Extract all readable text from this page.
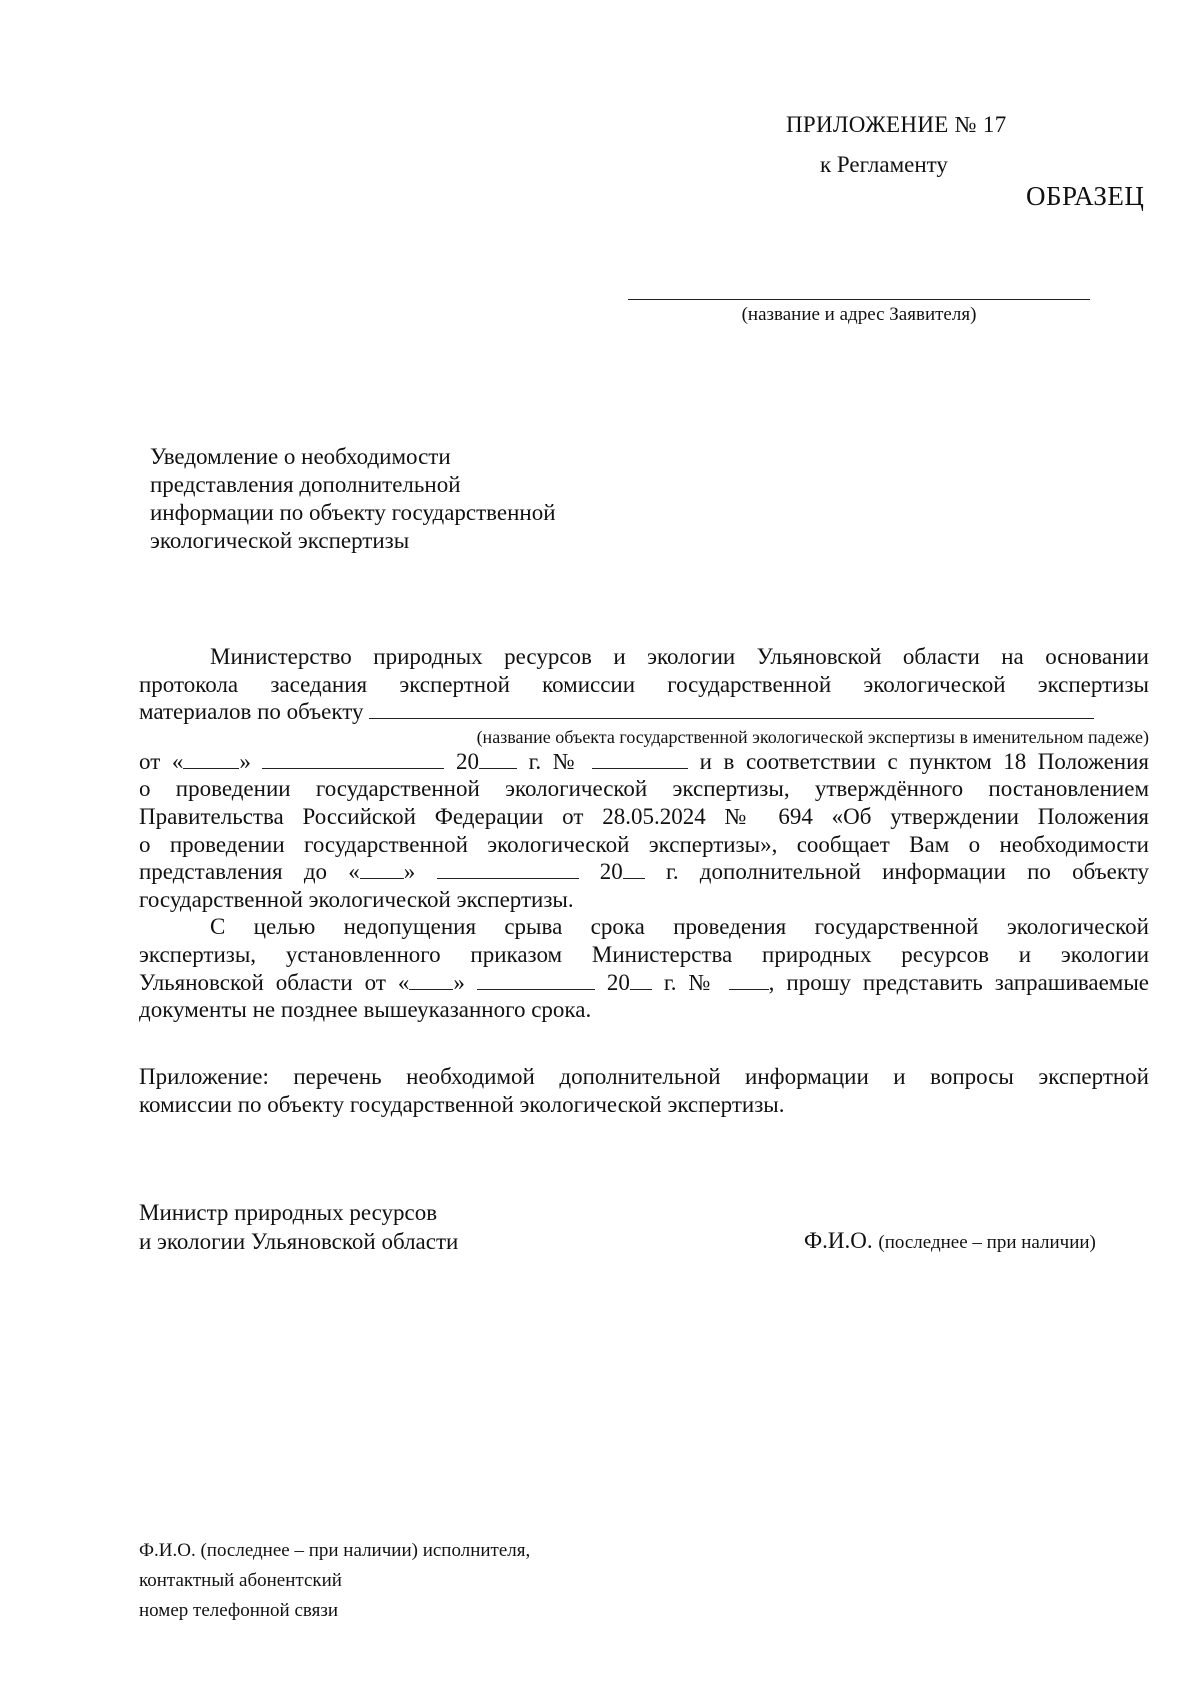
ПРИЛОЖЕНИЕ № 17
к Регламенту
ОБРАЗЕЦ
(название и адрес Заявителя)
Уведомление о необходимости
представления дополнительной
информации по объекту государственной
экологической экспертизы

Министерство природных ресурсов и экологии Ульяновской области на основании

протокола заседания экспертной комиссии государственной экологической экспертизы

материалов по объекту

(название объекта государственной экологической экспертизы в именительном падеже)

от « »	20 г. №	и в соответствии с пунктом 18 Положения

о проведении государственной экологической экспертизы, утверждённого постановлением

Правительства Российской Федерации от 28.05.2024 № 694 «Об утверждении Положения

о проведении государственной экологической экспертизы», сообщает Вам о необходимости

представления до « »	20 г. дополнительной информации по объекту

государственной экологической экспертизы.

С целью недопущения срыва срока проведения государственной экологической

экспертизы, установленного приказом Министерства природных ресурсов и экологии

Ульяновской области от « »	20 г. № , прошу представить запрашиваемые

документы не позднее вышеуказанного срока.

Приложение: перечень необходимой дополнительной информации и вопросы экспертной

комиссии по объекту государственной экологической экспертизы.

Министр природных ресурсов
и экологии Ульяновской области	Ф.И.О. (последнее – при наличии)
Ф.И.О. (последнее – при наличии) исполнителя,
контактный абонентский
номер телефонной связи
